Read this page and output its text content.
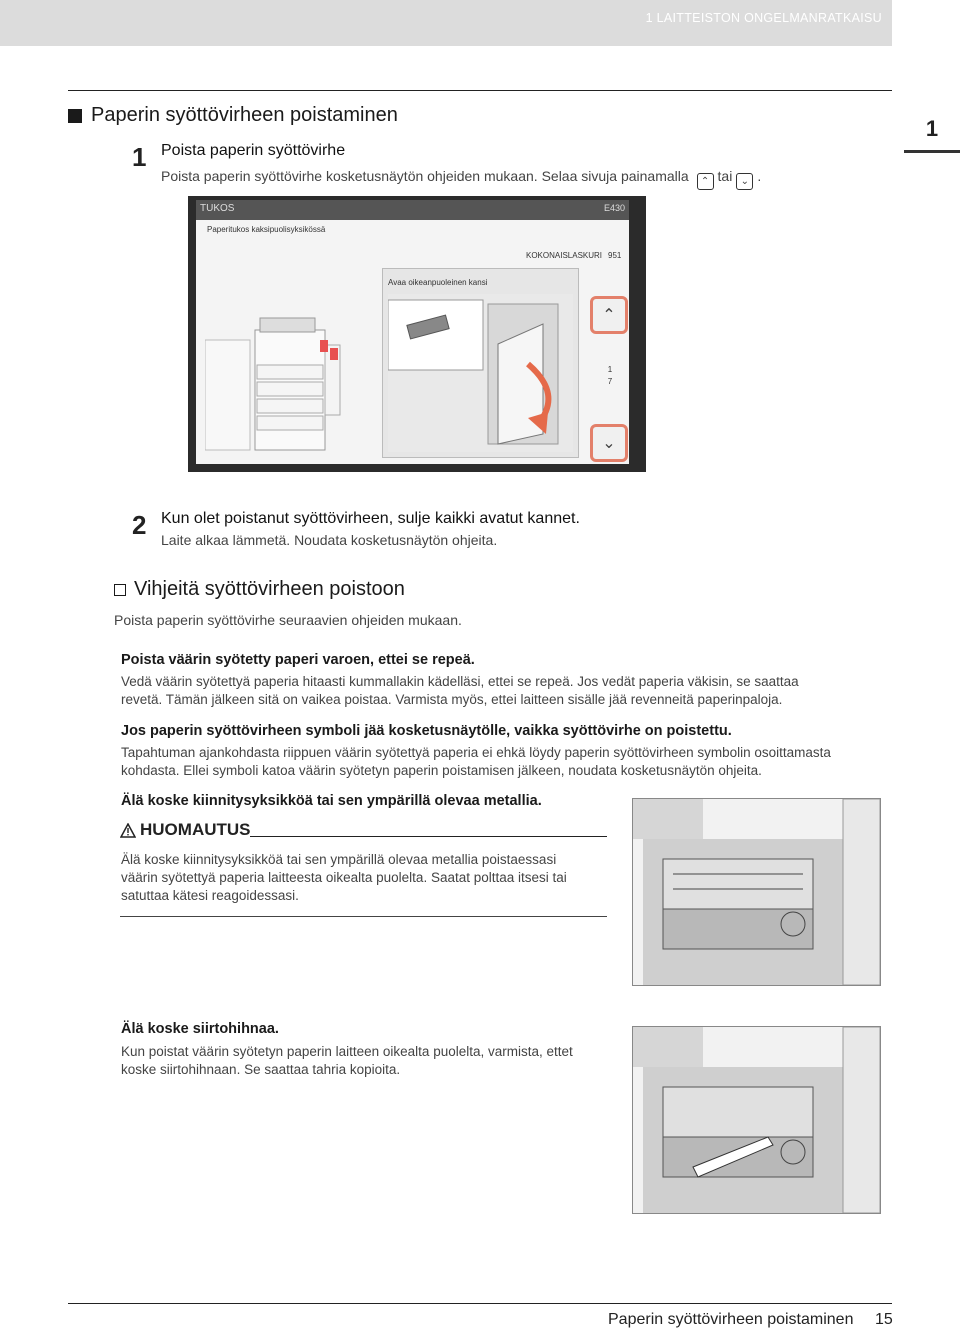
1 LAITTEISTON ONGELMANRATKAISU
Paperin syöttövirheen poistaminen
1
1 Poista paperin syöttövirhe
Poista paperin syöttövirhe kosketusnäytön ohjeiden mukaan. Selaa sivuja painamalla ⌃ tai ⌄ .
TUKOS	E430
Paperitukos kaksipuolisyksikössä
KOKONAISLASKURI 951
Avaa oikeanpuoleinen kansi
⌃
1
7
⌄
2 Kun olet poistanut syöttövirheen, sulje kaikki avatut kannet.
Laite alkaa lämmetä. Noudata kosketusnäytön ohjeita.
Vihjeitä syöttövirheen poistoon
Poista paperin syöttövirhe seuraavien ohjeiden mukaan.
Poista väärin syötetty paperi varoen, ettei se repeä.
Vedä väärin syötettyä paperia hitaasti kummallakin kädelläsi, ettei se repeä. Jos vedät paperia väkisin, se saattaa
revetä. Tämän jälkeen sitä on vaikea poistaa. Varmista myös, ettei laitteen sisälle jää revenneitä paperinpaloja.
Jos paperin syöttövirheen symboli jää kosketusnäytölle, vaikka syöttövirhe on poistettu.
Tapahtuman ajankohdasta riippuen väärin syötettyä paperia ei ehkä löydy paperin syöttövirheen symbolin osoittamasta
kohdasta. Ellei symboli katoa väärin syötetyn paperin poistamisen jälkeen, noudata kosketusnäytön ohjeita.
Älä koske kiinnitysyksikköä tai sen ympärillä olevaa metallia.
HUOMAUTUS
Älä koske kiinnitysyksikköä tai sen ympärillä olevaa metallia poistaessasi
väärin syötettyä paperia laitteesta oikealta puolelta. Saatat polttaa itsesi tai
satuttaa kätesi reagoidessasi.
Älä koske siirtohihnaa.
Kun poistat väärin syötetyn paperin laitteen oikealta puolelta, varmista, ettet
koske siirtohihnaan. Se saattaa tahria kopioita.
Paperin syöttövirheen poistaminen 15
